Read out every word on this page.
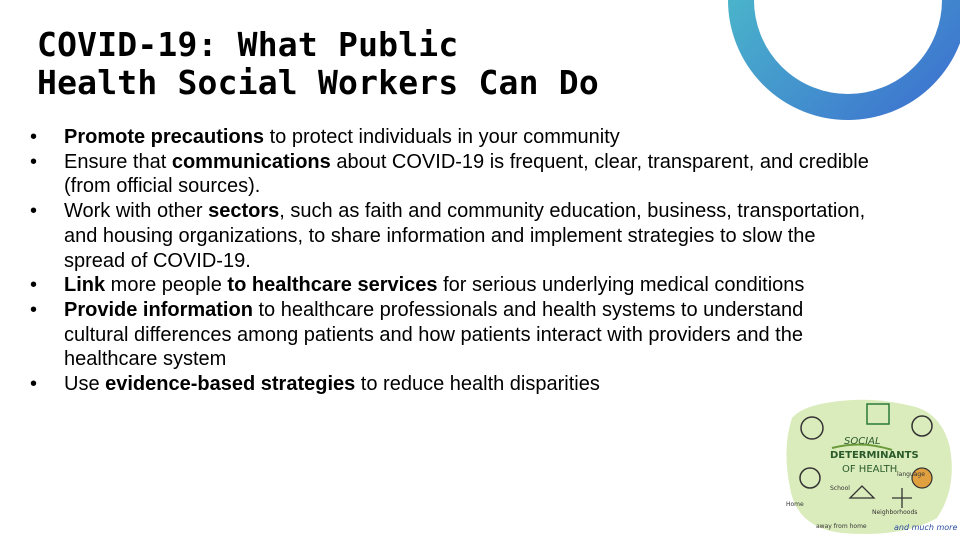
COVID-19: What Public
Health Social Workers Can Do
• Promote precautions to protect individuals in your community
• Ensure that communications about COVID-19 is frequent, clear, transparent, and credible (from official sources).
• Work with other sectors, such as faith and community education, business, transportation, and housing organizations, to share information and implement strategies to slow the spread of COVID-19.
• Link more people to healthcare services for serious underlying medical conditions
• Provide information to healthcare professionals and health systems to understand cultural differences among patients and how patients interact with providers and the healthcare system
• Use evidence-based strategies to reduce health disparities
SOCIAL
DETERMINANTS
OF HEALTH
Home
School
language
Neighborhoods
away from home	and much more
